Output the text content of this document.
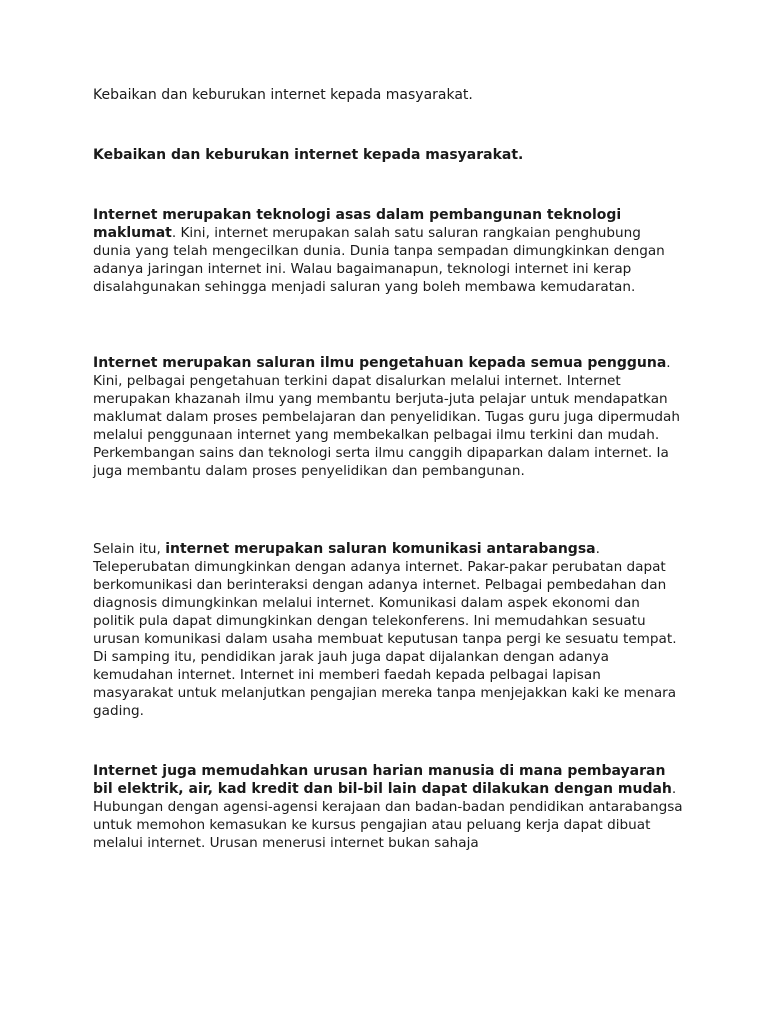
Kebaikan dan keburukan internet kepada masyarakat.

Kebaikan dan keburukan internet kepada masyarakat.

Internet merupakan teknologi asas dalam pembangunan teknologi maklumat. Kini, internet merupakan salah satu saluran rangkaian penghubung dunia yang telah mengecilkan dunia. Dunia tanpa sempadan dimungkinkan dengan adanya jaringan internet ini. Walau bagaimanapun, teknologi internet ini kerap disalahgunakan sehingga menjadi saluran yang boleh membawa kemudaratan.

Internet merupakan saluran ilmu pengetahuan kepada semua pengguna. Kini, pelbagai pengetahuan terkini dapat disalurkan melalui internet. Internet merupakan khazanah ilmu yang membantu berjuta-juta pelajar untuk mendapatkan maklumat dalam proses pembelajaran dan penyelidikan. Tugas guru juga dipermudah melalui penggunaan internet yang membekalkan pelbagai ilmu terkini dan mudah. Perkembangan sains dan teknologi serta ilmu canggih dipaparkan dalam internet. Ia juga membantu dalam proses penyelidikan dan pembangunan.

Selain itu, internet merupakan saluran komunikasi antarabangsa. Teleperubatan dimungkinkan dengan adanya internet. Pakar-pakar perubatan dapat berkomunikasi dan berinteraksi dengan adanya internet. Pelbagai pembedahan dan diagnosis dimungkinkan melalui internet. Komunikasi dalam aspek ekonomi dan politik pula dapat dimungkinkan dengan telekonferens. Ini memudahkan sesuatu urusan komunikasi dalam usaha membuat keputusan tanpa pergi ke sesuatu tempat. Di samping itu, pendidikan jarak jauh juga dapat dijalankan dengan adanya kemudahan internet. Internet ini memberi faedah kepada pelbagai lapisan masyarakat untuk melanjutkan pengajian mereka tanpa menjejakkan kaki ke menara gading.

Internet juga memudahkan urusan harian manusia di mana pembayaran bil elektrik, air, kad kredit dan bil-bil lain dapat dilakukan dengan mudah. Hubungan dengan agensi-agensi kerajaan dan badan-badan pendidikan antarabangsa untuk memohon kemasukan ke kursus pengajian atau peluang kerja dapat dibuat melalui internet. Urusan menerusi internet bukan sahaja
